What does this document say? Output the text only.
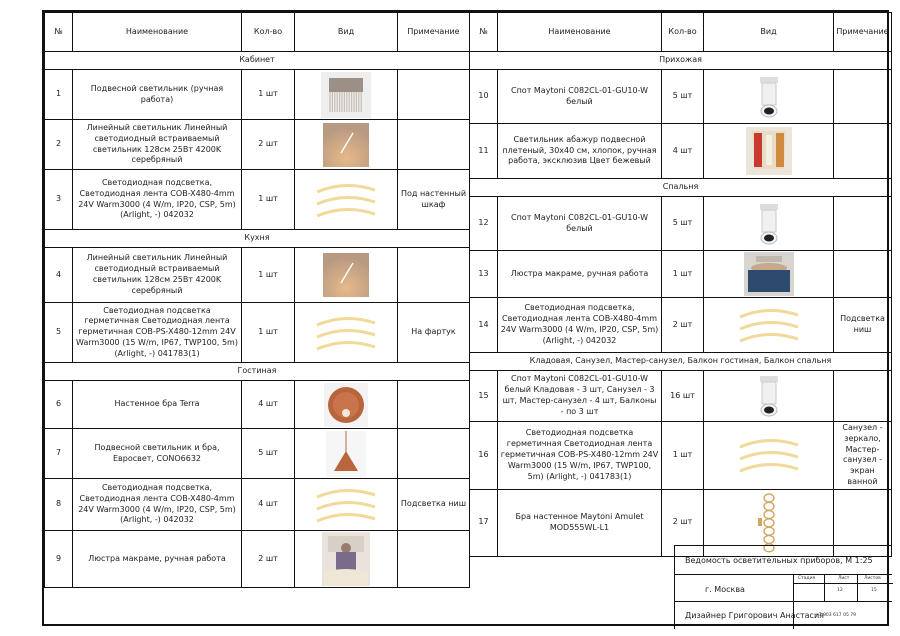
№	Наименование	Кол-во	Вид	Примечание
Кабинет				
1	Подвесной светильник (ручная работа)	1 шт	

2	Линейный светильник Линейный светодиодный встраиваемый светильник 128см 25Вт 4200K серебряный	2 шт	

3	Светодиодная подсветка, Светодиодная лента COB-X480-4mm 24V Warm3000 (4 W/m, IP20, CSP, 5m) (Arlight, -) 042032	1 шт		Под настенный шкаф
Кухня				
4	Линейный светильник Линейный светодиодный встраиваемый светильник 128см 25Вт 4200K серебряный	1 шт	

5	Светодиодная подсветка герметичная Светодиодная лента герметичная COB-PS-X480-12mm 24V Warm3000 (15 W/m, IP67, TWP100, 5m) (Arlight, -) 041783(1)	1 шт		На фартук
Гостиная				
6	Настенное бра Terra	4 шт	

7	Подвесной светильник и бра, Евросвет, CONO6632	5 шт	

8	Светодиодная подсветка, Светодиодная лента COB-X480-4mm 24V Warm3000 (4 W/m, IP20, CSP, 5m) (Arlight, -) 042032	4 шт		Подсветка ниш
9	Люстра макраме, ручная работа	2 шт	

№	Наименование	Кол-во	Вид	Примечание
Прихожая				
10	Спот Maytoni C082CL-01-GU10-W белый	5 шт	

11	Светильник абажур подвесной плетеный, 30х40 см, хлопок, ручная работа, эксклюзив Цвет бежевый	4 шт	

Спальня				
12	Спот Maytoni C082CL-01-GU10-W белый	5 шт	

13	Люстра макраме, ручная работа	1 шт	

14	Светодиодная подсветка, Светодиодная лента COB-X480-4mm 24V Warm3000 (4 W/m, IP20, CSP, 5m) (Arlight, -) 042032	2 шт		Подсветка ниш
Кладовая, Санузел, Мастер-санузел, Балкон гостиная, Балкон спальня				
15	Спот Maytoni C082CL-01-GU10-W белый Кладовая - 3 шт, Санузел - 3 шт, Мастер-санузел - 4 шт, Балконы - по 3 шт	16 шт	

16	Светодиодная подсветка герметичная Светодиодная лента герметичная COB-PS-X480-12mm 24V Warm3000 (15 W/m, IP67, TWP100, 5m) (Arlight, -) 041783(1)	1 шт		Санузел - зеркало, Мастер-санузел - экран ванной
17	Бра настенное Maytoni Amulet MOD555WL-L1	2 шт	

Ведомость осветительных приборов, М 1:25
г. Москва
Стадия	Лист	Листов
12	15
Дизайнер Григорович Анастасия
+7 903 617 05 79
